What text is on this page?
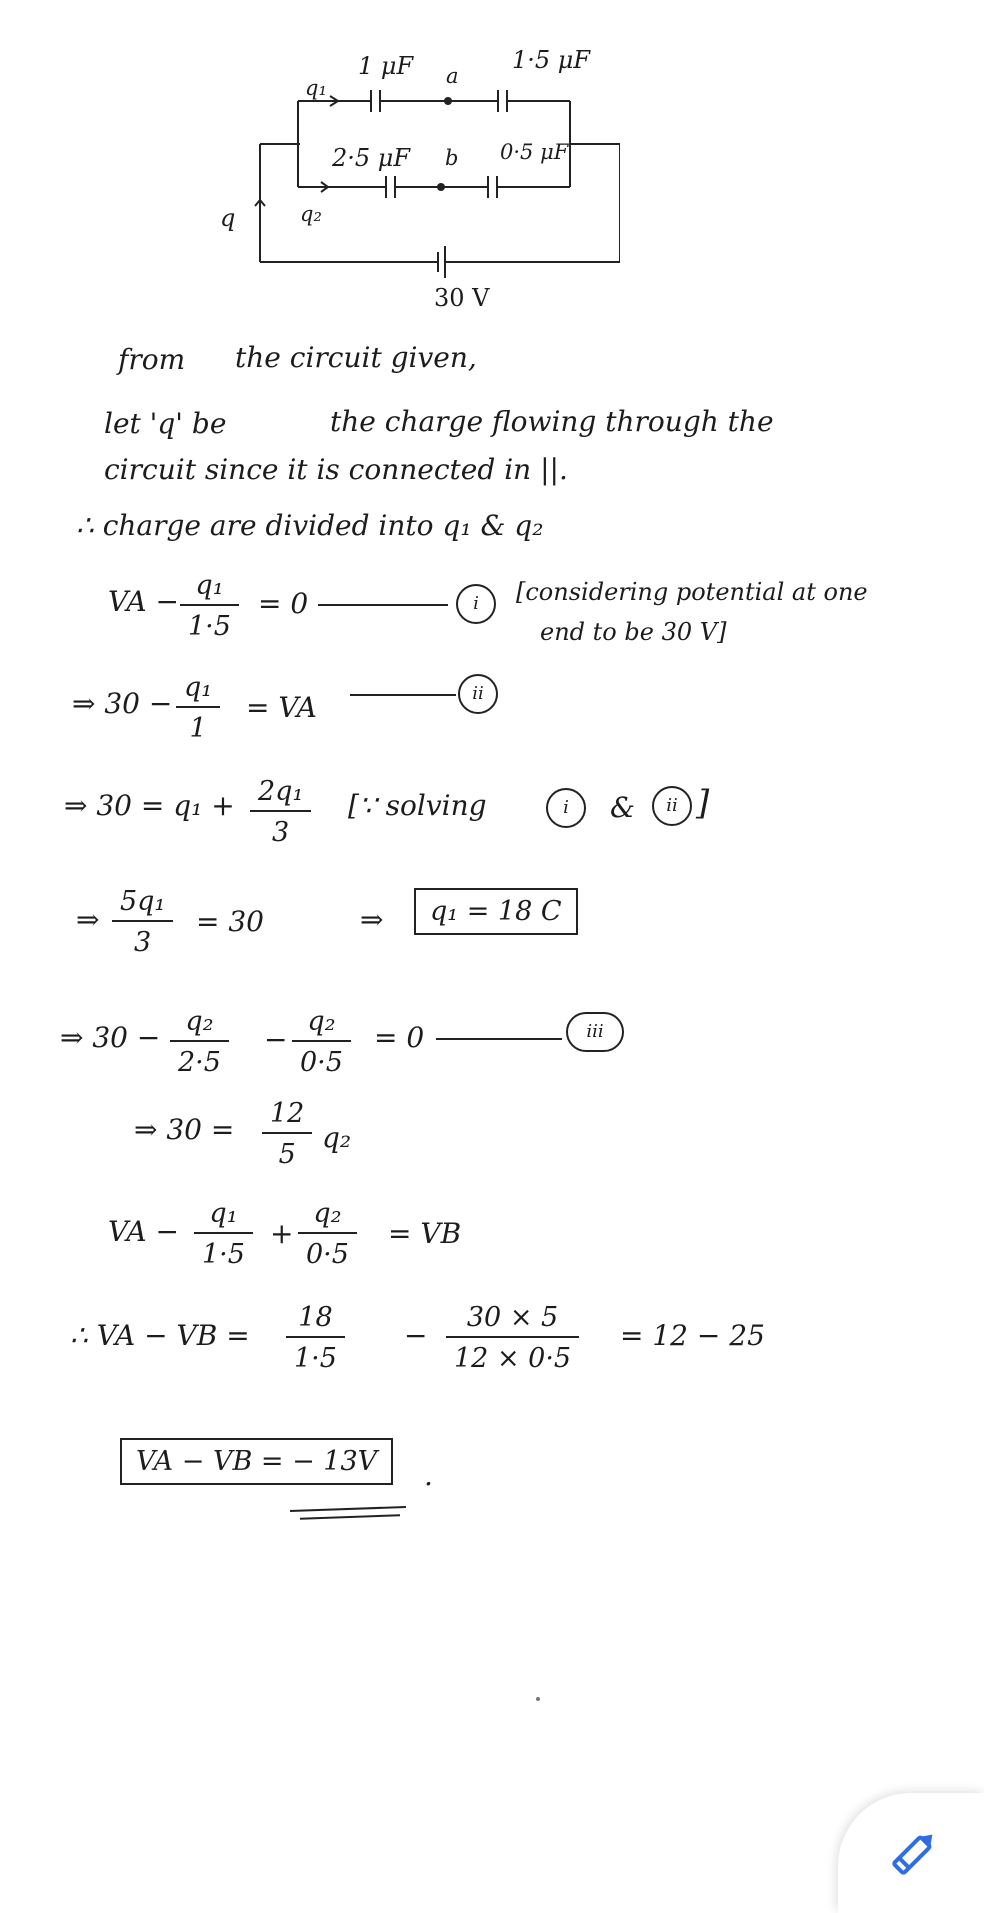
q₁
1 μF a
1·5 μF
2·5 μF b 0·5 μF
q	q₂
30 V
from the circuit given,
let 'q' be	the charge flowing through the
circuit since it is connected in ||.
∴ charge are divided into q₁ & q₂
VA − q₁
1·5
= 0	i	[considering potential at one
end to be 30 V]
⇒ 30 − q₁
1
= VA	ii
⇒ 30 = q₁ + 2q₁
3
[∵ solving	i	&	ii ]
⇒
5q₁
3
= 30	⇒	q₁ = 18 C
⇒ 30 − q₂
2·5
−
q₂
0·5
= 0	iii
⇒ 30 = 12
5
q₂
VA −
q₁
1·5
+
q₂
0·5
= VB
∴ VA − VB =
18
1·5
−
30 × 5
12 × 0·5
= 12 − 25
VA − VB = − 13V	.
